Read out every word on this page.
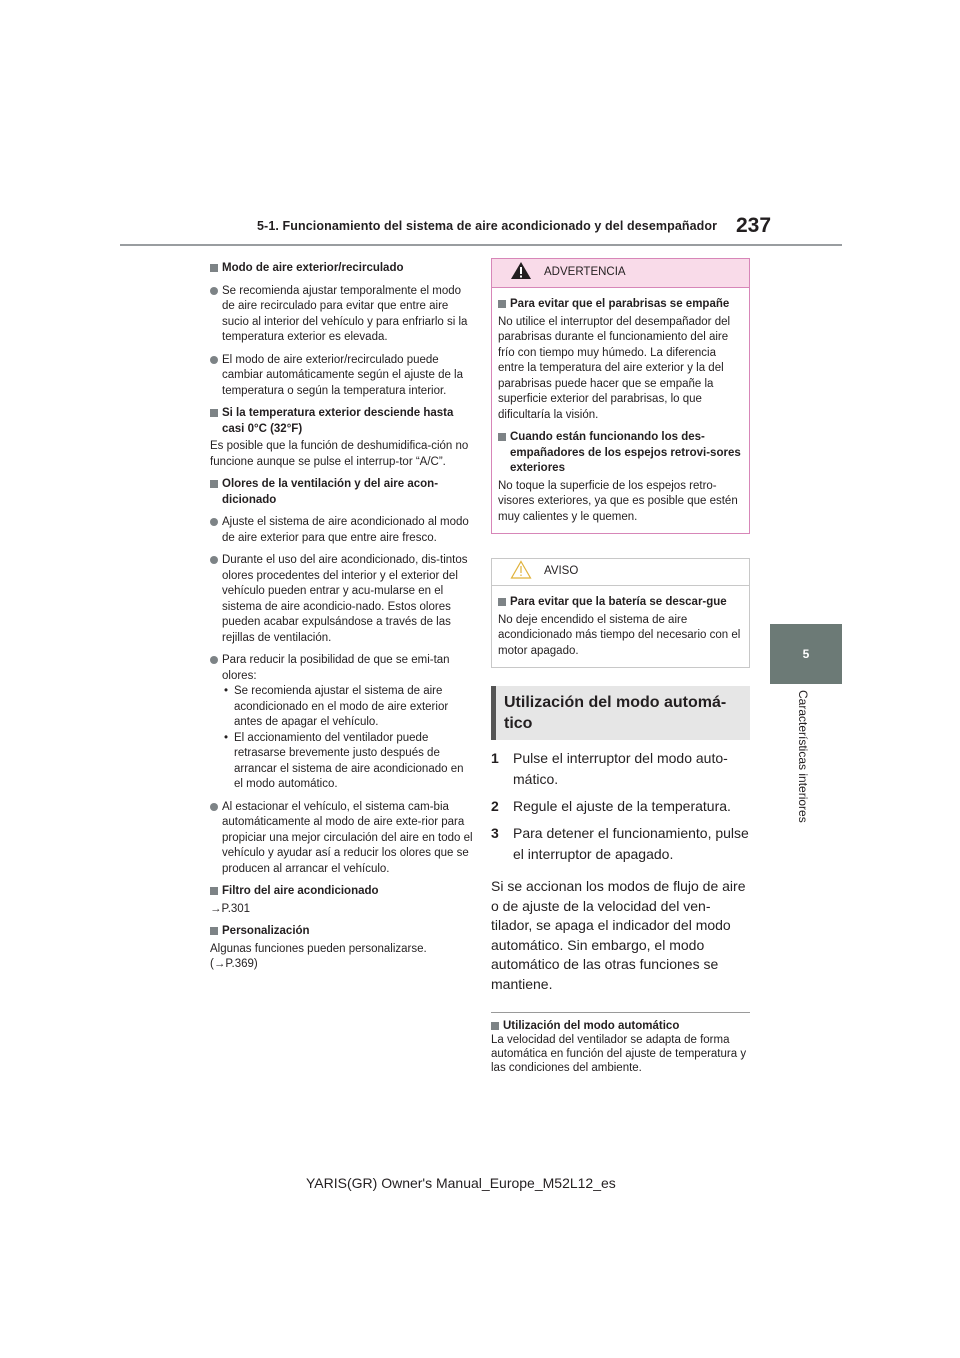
5-1. Funcionamiento del sistema de aire acondicionado y del desempañador 237
5
Características interiores
Modo de aire exterior/recirculado
Se recomienda ajustar temporalmente el modo de aire recirculado para evitar que entre aire sucio al interior del vehículo y para enfriarlo si la temperatura exterior es elevada.
El modo de aire exterior/recirculado puede cambiar automáticamente según el ajuste de la temperatura o según la temperatura interior.
Si la temperatura exterior desciende hasta casi 0°C (32°F)
Es posible que la función de deshumidifica-ción no funcione aunque se pulse el interrup-tor “A/C”.
Olores de la ventilación y del aire acon-dicionado
Ajuste el sistema de aire acondicionado al modo de aire exterior para que entre aire fresco.
Durante el uso del aire acondicionado, dis-tintos olores procedentes del interior y el exterior del vehículo pueden entrar y acu-mularse en el sistema de aire acondicio-nado. Estos olores pueden acabar expulsándose a través de las rejillas de ventilación.
Para reducir la posibilidad de que se emi-tan olores:
• Se recomienda ajustar el sistema de aire acondicionado en el modo de aire exterior antes de apagar el vehículo.
• El accionamiento del ventilador puede retrasarse brevemente justo después de arrancar el sistema de aire acondicionado en el modo automático.
Al estacionar el vehículo, el sistema cam-bia automáticamente al modo de aire exte-rior para propiciar una mejor circulación del aire en todo el vehículo y ayudar así a reducir los olores que se producen al arrancar el vehículo.
Filtro del aire acondicionado
→P.301
Personalización
Algunas funciones pueden personalizarse.
(→P.369)
ADVERTENCIA
Para evitar que el parabrisas se empañe

No utilice el interruptor del desempañador del parabrisas durante el funcionamiento del aire frío con tiempo muy húmedo. La diferencia entre la temperatura del aire exterior y la del parabrisas puede hacer que se empañe la superficie exterior del parabrisas, lo que dificultaría la visión.

Cuando están funcionando los des-empañadores de los espejos retrovi-sores exteriores

No toque la superficie de los espejos retro-visores exteriores, ya que es posible que estén muy calientes y le quemen.

AVISO
Para evitar que la batería se descar-gue

No deje encendido el sistema de aire acondicionado más tiempo del necesario con el motor apagado.

Utilización del modo automá-tico
1 Pulse el interruptor del modo auto-mático.
2 Regule el ajuste de la temperatura.
3 Para detener el funcionamiento, pulse el interruptor de apagado.
Si se accionan los modos de flujo de aire o de ajuste de la velocidad del ven-tilador, se apaga el indicador del modo automático. Sin embargo, el modo automático de las otras funciones se mantiene.
Utilización del modo automático
La velocidad del ventilador se adapta de forma automática en función del ajuste de temperatura y las condiciones del ambiente.
YARIS(GR) Owner's Manual_Europe_M52L12_es
